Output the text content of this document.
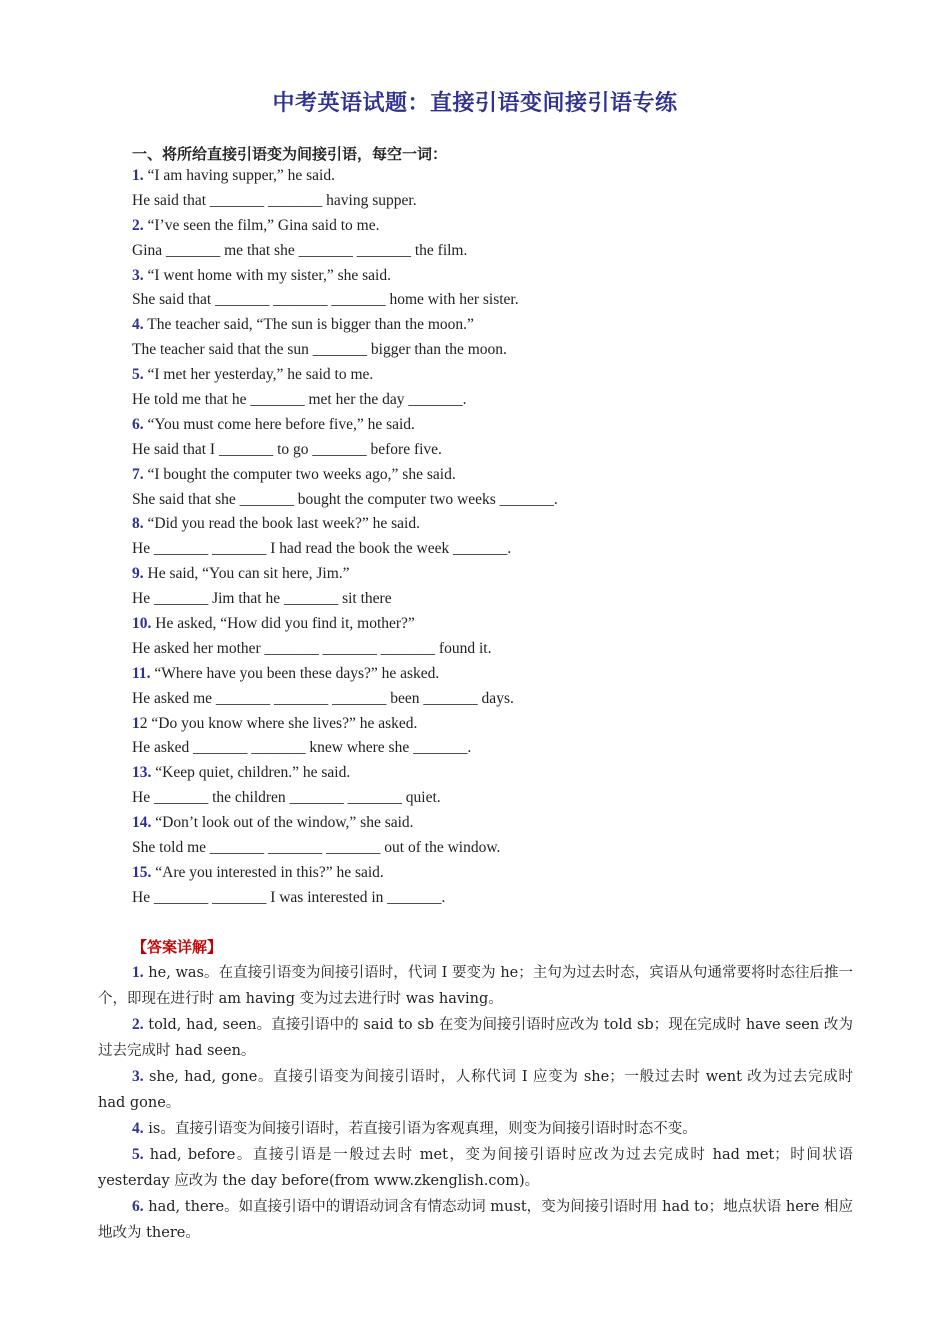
中考英语试题：直接引语变间接引语专练
一、将所给直接引语变为间接引语，每空一词：
1. “I am having supper,” he said.
He said that _______ _______ having supper.
2. “I’ve seen the film,” Gina said to me.
Gina _______ me that she _______ _______ the film.
3. “I went home with my sister,” she said.
She said that _______ _______ _______ home with her sister.
4. The teacher said, “The sun is bigger than the moon.”
The teacher said that the sun _______ bigger than the moon.
5. “I met her yesterday,” he said to me.
He told me that he _______ met her the day _______.
6. “You must come here before five,” he said.
He said that I _______ to go _______ before five.
7. “I bought the computer two weeks ago,” she said.
She said that she _______ bought the computer two weeks _______.
8. “Did you read the book last week?” he said.
He _______ _______ I had read the book the week _______.
9. He said, “You can sit here, Jim.”
He _______ Jim that he _______ sit there
10. He asked, “How did you find it, mother?”
He asked her mother _______ _______ _______ found it.
11. “Where have you been these days?” he asked.
He asked me _______ _______ _______ been _______ days.
12 “Do you know where she lives?” he asked.
He asked _______ _______ knew where she _______.
13. “Keep quiet, children.” he said.
He _______ the children _______ _______ quiet.
14. “Don’t look out of the window,” she said.
She told me _______ _______ _______ out of the window.
15. “Are you interested in this?” he said.
He _______ _______ I was interested in _______.
【答案详解】

1. he, was。在直接引语变为间接引语时，代词 I 要变为 he；主句为过去时态，宾语从句通常要将时态往后推一个，即现在进行时 am having 变为过去进行时 was having。

2. told, had, seen。直接引语中的 said to sb 在变为间接引语时应改为 told sb；现在完成时 have seen 改为过去完成时 had seen。

3. she, had, gone。直接引语变为间接引语时，人称代词 I 应变为 she；一般过去时 went 改为过去完成时 had gone。

4. is。直接引语变为间接引语时，若直接引语为客观真理，则变为间接引语时时态不变。

5. had, before。直接引语是一般过去时 met，变为间接引语时应改为过去完成时 had met；时间状语 yesterday 应改为 the day before(from www.zkenglish.com)。

6. had, there。如直接引语中的谓语动词含有情态动词 must，变为间接引语时用 had to；地点状语 here 相应地改为 there。
